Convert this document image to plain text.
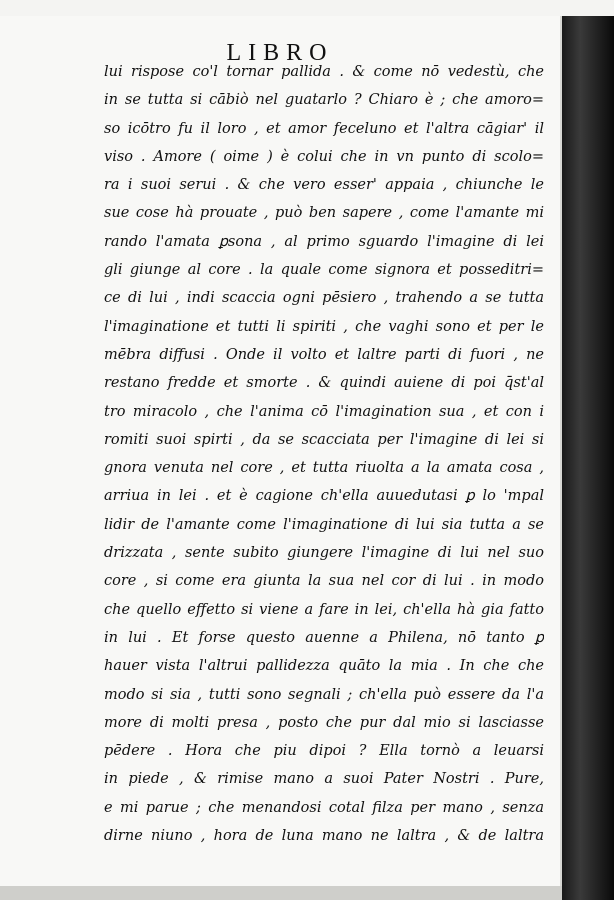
LIBRO
lui rispose co'l tornar pallida . & come nō vedestù, che
in se tutta si cābiò nel guatarlo ? Chiaro è ; che amoro=
so icōtro fu il loro , et amor feceluno et l'altra cāgiar' il
viso . Amore ( oime ) è colui che in vn punto di scolo=
ra i suoi serui . & che vero esser' appaia , chiunche le
sue cose hà prouate , può ben sapere , come l'amante mi
rando l'amata ꝑsona , al primo sguardo l'imagine di lei
gli giunge al core . la quale come signora et posseditri=
ce di lui , indi scaccia ogni pēsiero , trahendo a se tutta
l'imaginatione et tutti li spiriti , che vaghi sono et per le
mēbra diffusi . Onde il volto et laltre parti di fuori , ne
restano fredde et smorte . & quindi auiene di poi q̄st'al
tro miracolo , che l'anima cō l'imagination sua , et con i
romiti suoi spirti , da se scacciata per l'imagine di lei si
gnora venuta nel core , et tutta riuolta a la amata cosa ,
arriua in lei . et è cagione ch'ella auuedutasi ꝑ lo 'mpal
lidir de l'amante come l'imaginatione di lui sia tutta a se
drizzata , sente subito giungere l'imagine di lui nel suo
core , si come era giunta la sua nel cor di lui . in modo
che quello effetto si viene a fare in lei, ch'ella hà gia fatto
in lui . Et forse questo auenne a Philena, nō tanto ꝑ
hauer vista l'altrui pallidezza quāto la mia . In che che
modo si sia , tutti sono segnali ; ch'ella può essere da l'a
more di molti presa , posto che pur dal mio si lasciasse
pēdere . Hora che piu dipoi ? Ella tornò a leuarsi
in piede , & rimise mano a suoi Pater Nostri . Pure,
e mi parue ; che menandosi cotal filza per mano , senza
dirne niuno , hora de luna mano ne laltra , & de laltra
